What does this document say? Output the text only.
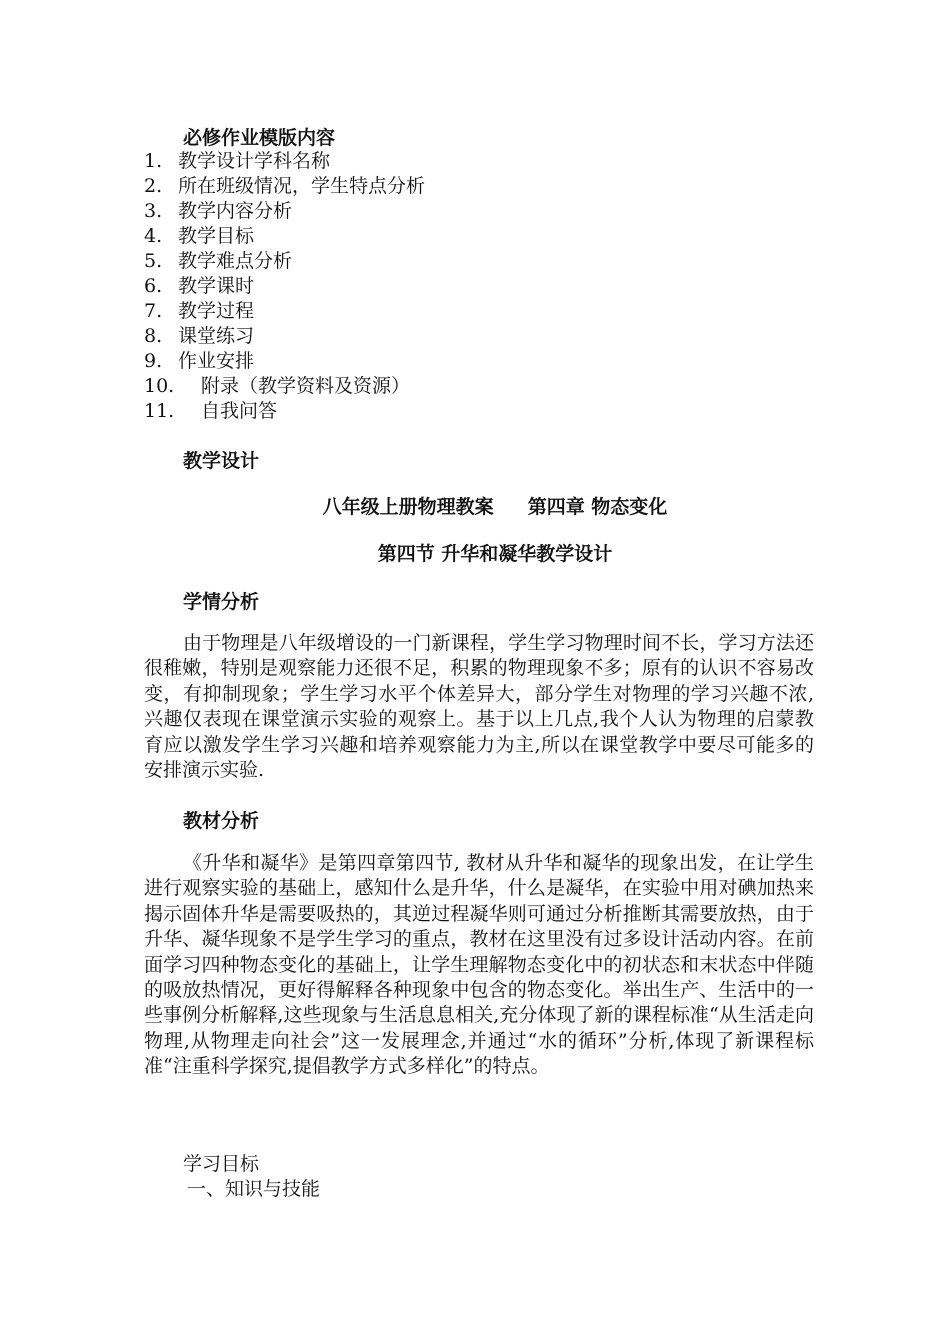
必修作业模版内容
1. 教学设计学科名称
2. 所在班级情况，学生特点分析
3. 教学内容分析
4. 教学目标
5. 教学难点分析
6. 教学课时
7. 教学过程
8. 课堂练习
9. 作业安排
10. 附录（教学资料及资源）
11. 自我问答
教学设计
八年级上册物理教案 第四章 物态变化
第四节 升华和凝华教学设计
学情分析

由于物理是八年级增设的一门新课程，学生学习物理时间不长，学习方法还很稚嫩，特别是观察能力还很不足，积累的物理现象不多；原有的认识不容易改变，有抑制现象；学生学习水平个体差异大，部分学生对物理的学习兴趣不浓,兴趣仅表现在课堂演示实验的观察上。基于以上几点,我个人认为物理的启蒙教育应以激发学生学习兴趣和培养观察能力为主,所以在课堂教学中要尽可能多的安排演示实验.

教材分析

《升华和凝华》是第四章第四节, 教材从升华和凝华的现象出发，在让学生进行观察实验的基础上，感知什么是升华，什么是凝华，在实验中用对碘加热来揭示固体升华是需要吸热的，其逆过程凝华则可通过分析推断其需要放热，由于升华、凝华现象不是学生学习的重点，教材在这里没有过多设计活动内容。在前面学习四种物态变化的基础上，让学生理解物态变化中的初状态和末状态中伴随的吸放热情况，更好得解释各种现象中包含的物态变化。举出生产、生活中的一些事例分析解释,这些现象与生活息息相关,充分体现了新的课程标准“从生活走向物理,从物理走向社会”这一发展理念,并通过“水的循环”分析,体现了新课程标准“注重科学探究,提倡教学方式多样化”的特点。

学习目标
一、知识与技能
